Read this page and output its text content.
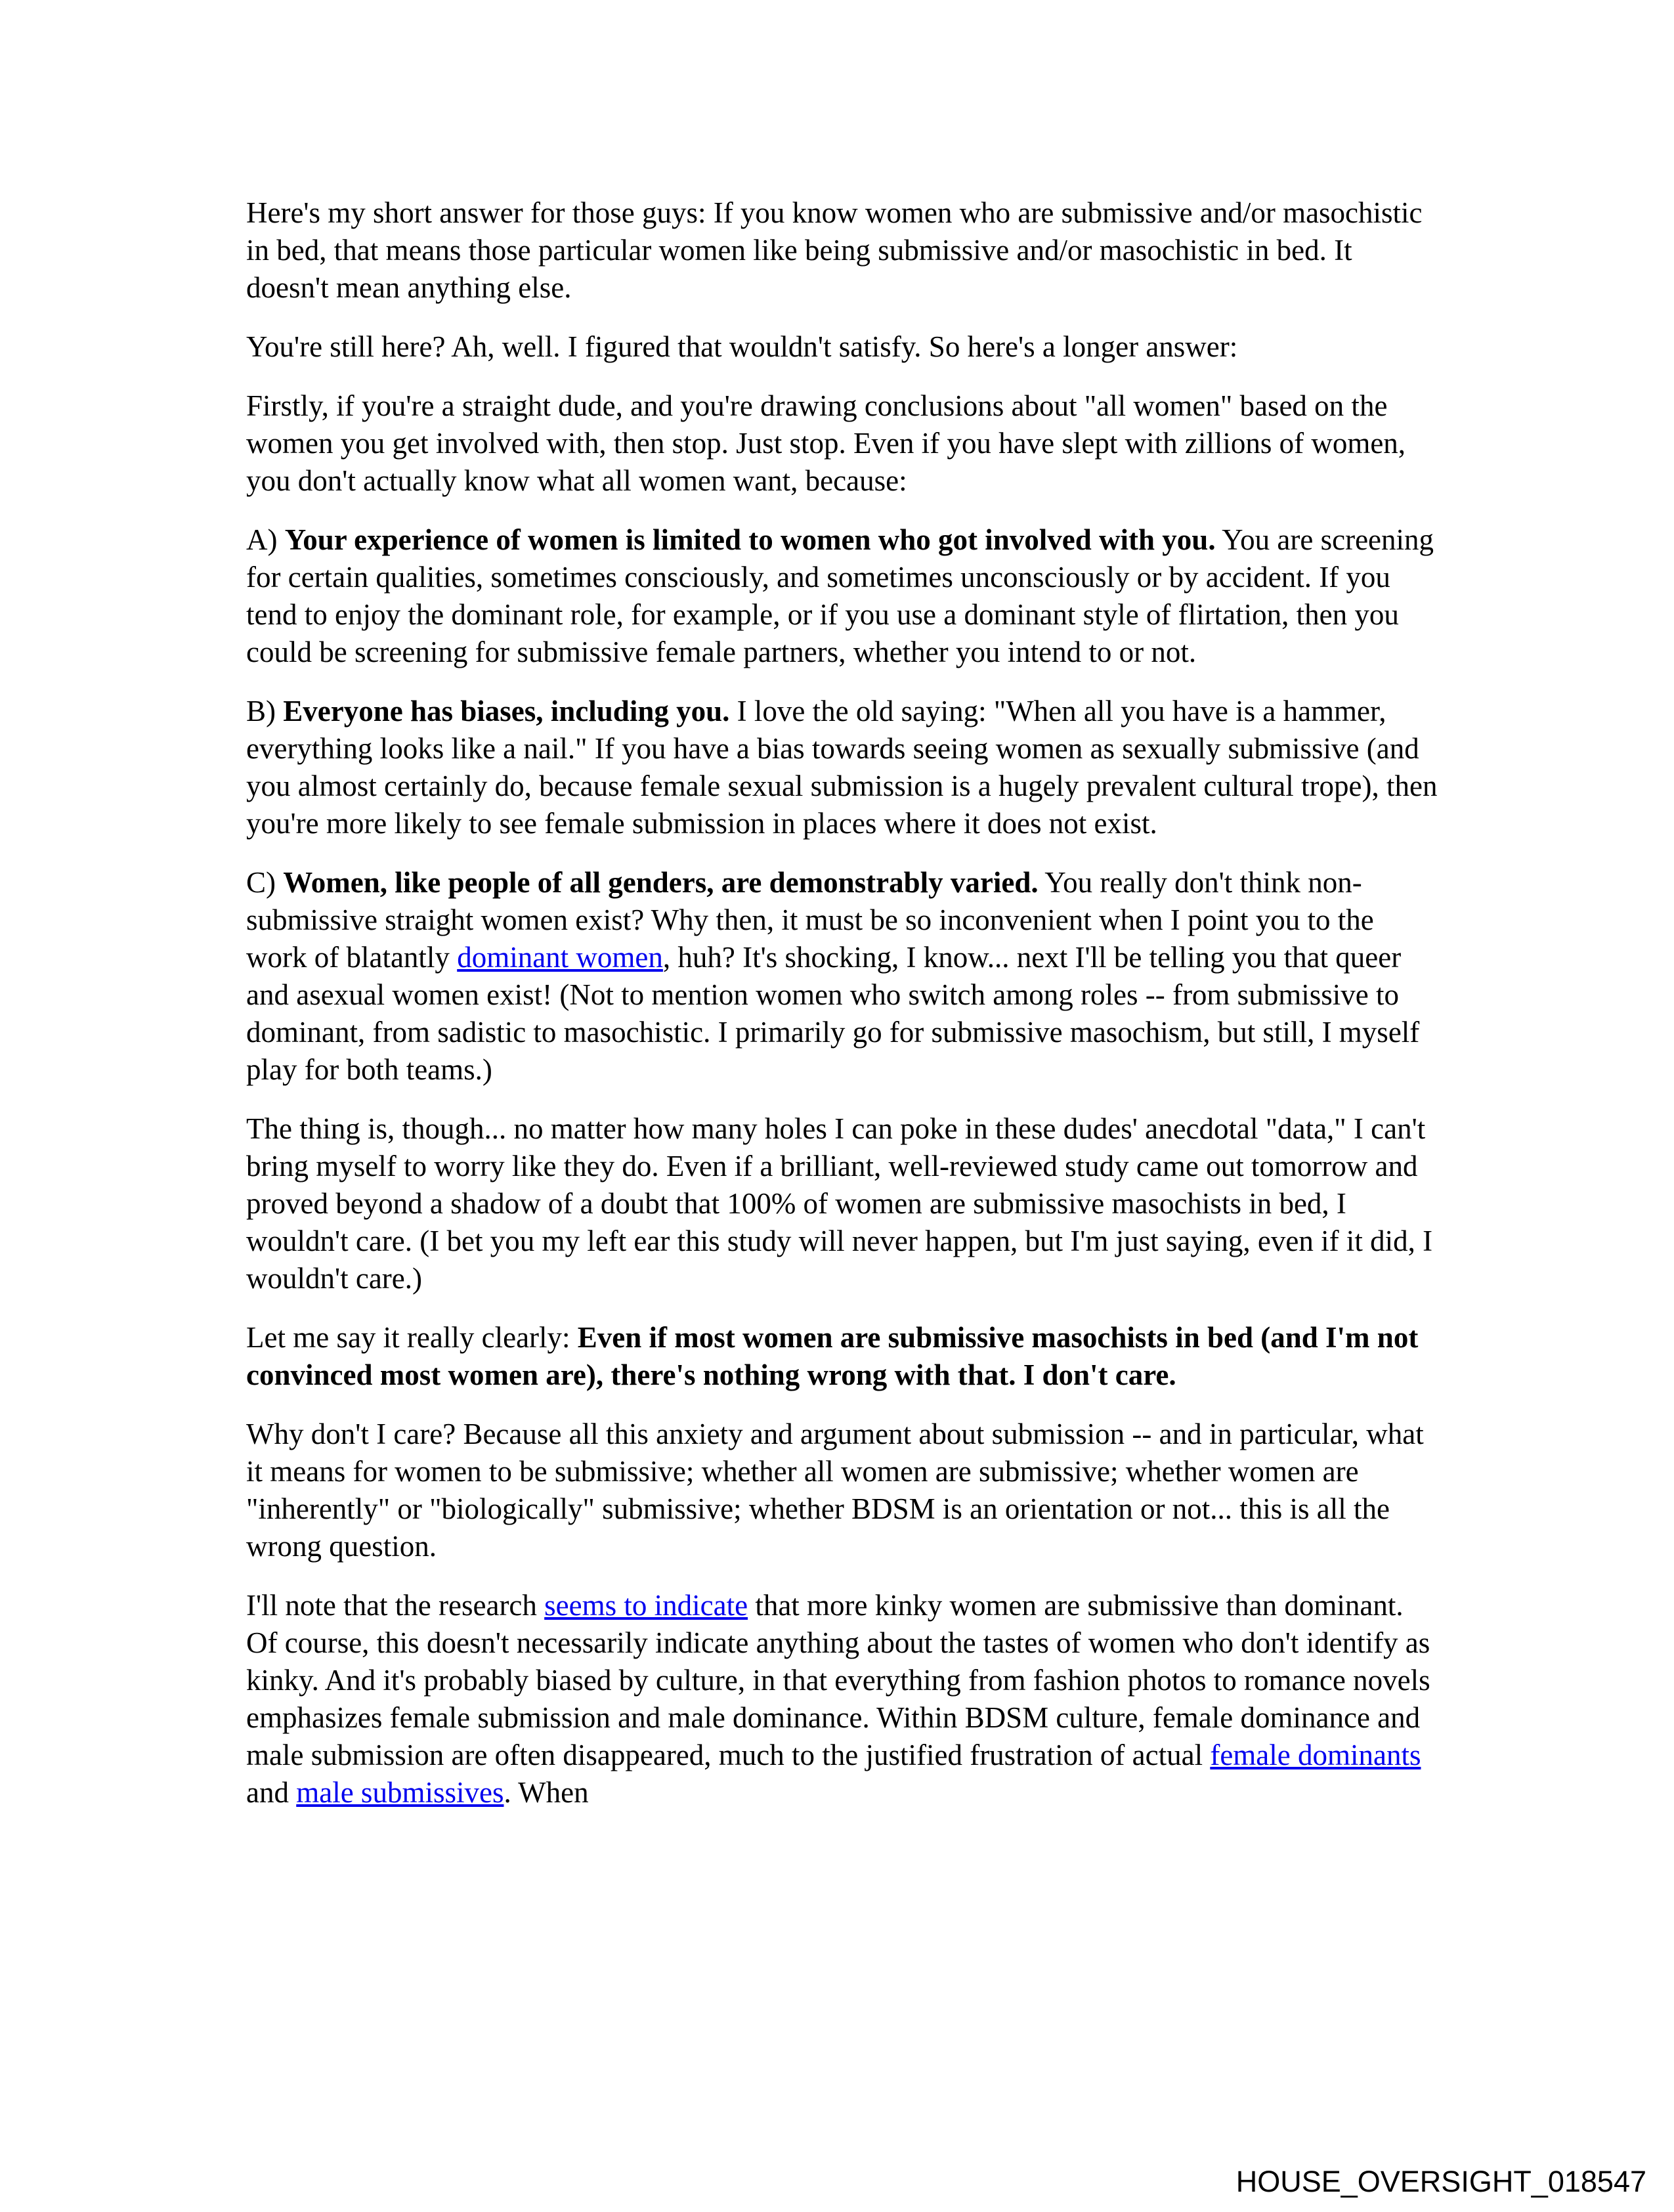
Here's my short answer for those guys: If you know women who are submissive and/or masochistic in bed, that means those particular women like being submissive and/or masochistic in bed. It doesn't mean anything else.

You're still here? Ah, well. I figured that wouldn't satisfy. So here's a longer answer:

Firstly, if you're a straight dude, and you're drawing conclusions about "all women" based on the women you get involved with, then stop. Just stop. Even if you have slept with zillions of women, you don't actually know what all women want, because:

A) Your experience of women is limited to women who got involved with you. You are screening for certain qualities, sometimes consciously, and sometimes unconsciously or by accident. If you tend to enjoy the dominant role, for example, or if you use a dominant style of flirtation, then you could be screening for submissive female partners, whether you intend to or not.

B) Everyone has biases, including you. I love the old saying: "When all you have is a hammer, everything looks like a nail." If you have a bias towards seeing women as sexually submissive (and you almost certainly do, because female sexual submission is a hugely prevalent cultural trope), then you're more likely to see female submission in places where it does not exist.

C) Women, like people of all genders, are demonstrably varied. You really don't think non-submissive straight women exist? Why then, it must be so inconvenient when I point you to the work of blatantly dominant women, huh? It's shocking, I know... next I'll be telling you that queer and asexual women exist! (Not to mention women who switch among roles -- from submissive to dominant, from sadistic to masochistic. I primarily go for submissive masochism, but still, I myself play for both teams.)

The thing is, though... no matter how many holes I can poke in these dudes' anecdotal "data," I can't bring myself to worry like they do. Even if a brilliant, well-reviewed study came out tomorrow and proved beyond a shadow of a doubt that 100% of women are submissive masochists in bed, I wouldn't care. (I bet you my left ear this study will never happen, but I'm just saying, even if it did, I wouldn't care.)

Let me say it really clearly: Even if most women are submissive masochists in bed (and I'm not convinced most women are), there's nothing wrong with that. I don't care.

Why don't I care? Because all this anxiety and argument about submission -- and in particular, what it means for women to be submissive; whether all women are submissive; whether women are "inherently" or "biologically" submissive; whether BDSM is an orientation or not... this is all the wrong question.

I'll note that the research seems to indicate that more kinky women are submissive than dominant. Of course, this doesn't necessarily indicate anything about the tastes of women who don't identify as kinky. And it's probably biased by culture, in that everything from fashion photos to romance novels emphasizes female submission and male dominance. Within BDSM culture, female dominance and male submission are often disappeared, much to the justified frustration of actual female dominants and male submissives. When

HOUSE_OVERSIGHT_018547
